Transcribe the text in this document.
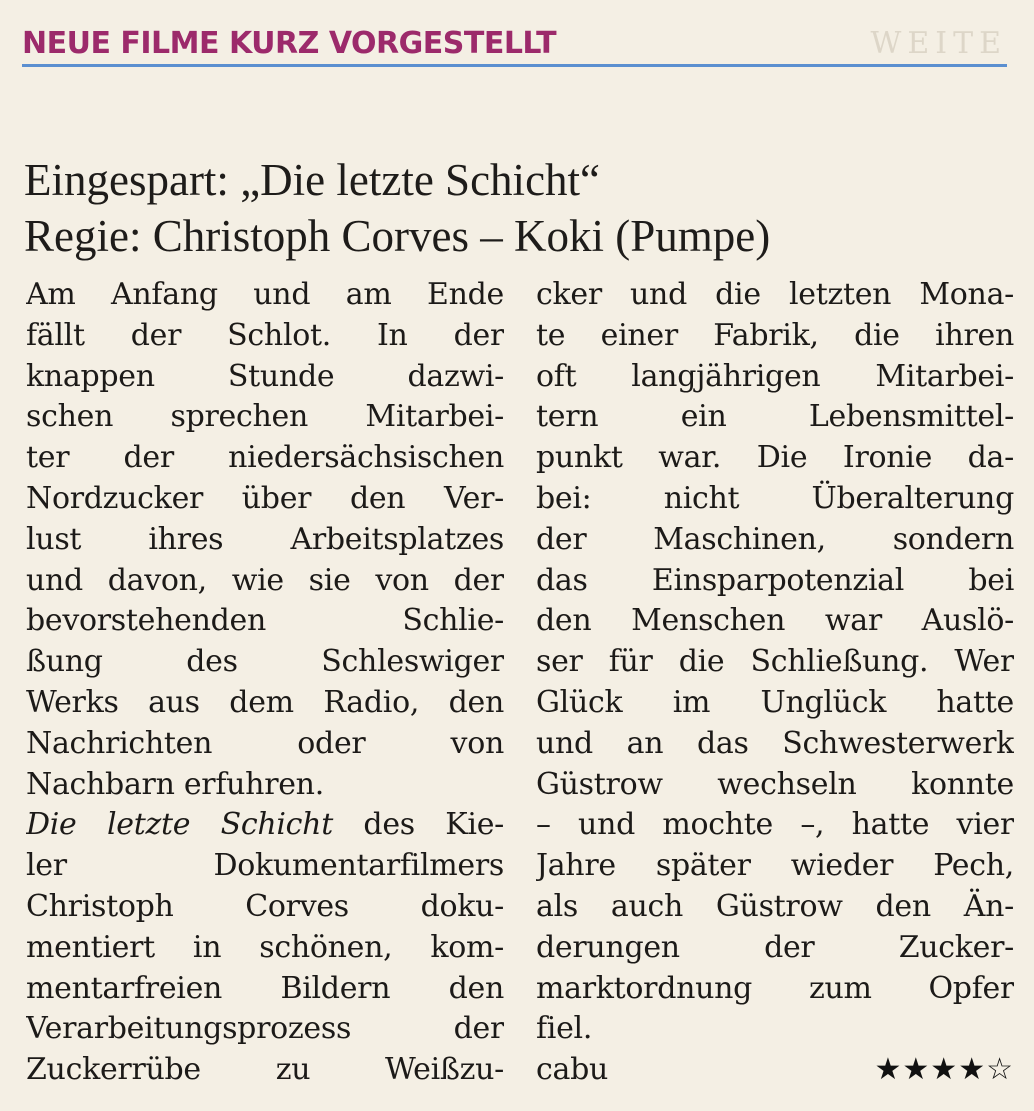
NEUE FILME KURZ VORGESTELLT	WEITE
Eingespart: „Die letzte Schicht“
Regie: Christoph Corves – Koki (Pumpe)
Am Anfang und am Ende
fällt der Schlot. In der
knappen Stunde dazwi-
schen sprechen Mitarbei-
ter der niedersächsischen
Nordzucker über den Ver-
lust ihres Arbeitsplatzes
und davon, wie sie von der
bevorstehenden Schlie-
ßung des Schleswiger
Werks aus dem Radio, den
Nachrichten oder von
Nachbarn erfuhren.
Die letzte Schicht des Kie-
ler Dokumentarfilmers
Christoph Corves doku-
mentiert in schönen, kom-
mentarfreien Bildern den
Verarbeitungsprozess der
Zuckerrübe zu Weißzu-
cker und die letzten Mona-
te einer Fabrik, die ihren
oft langjährigen Mitarbei-
tern ein Lebensmittel-
punkt war. Die Ironie da-
bei: nicht Überalterung
der Maschinen, sondern
das Einsparpotenzial bei
den Menschen war Auslö-
ser für die Schließung. Wer
Glück im Unglück hatte
und an das Schwesterwerk
Güstrow wechseln konnte
– und mochte –, hatte vier
Jahre später wieder Pech,
als auch Güstrow den Än-
derungen der Zucker-
marktordnung zum Opfer
fiel.
cabu	★★★★☆
